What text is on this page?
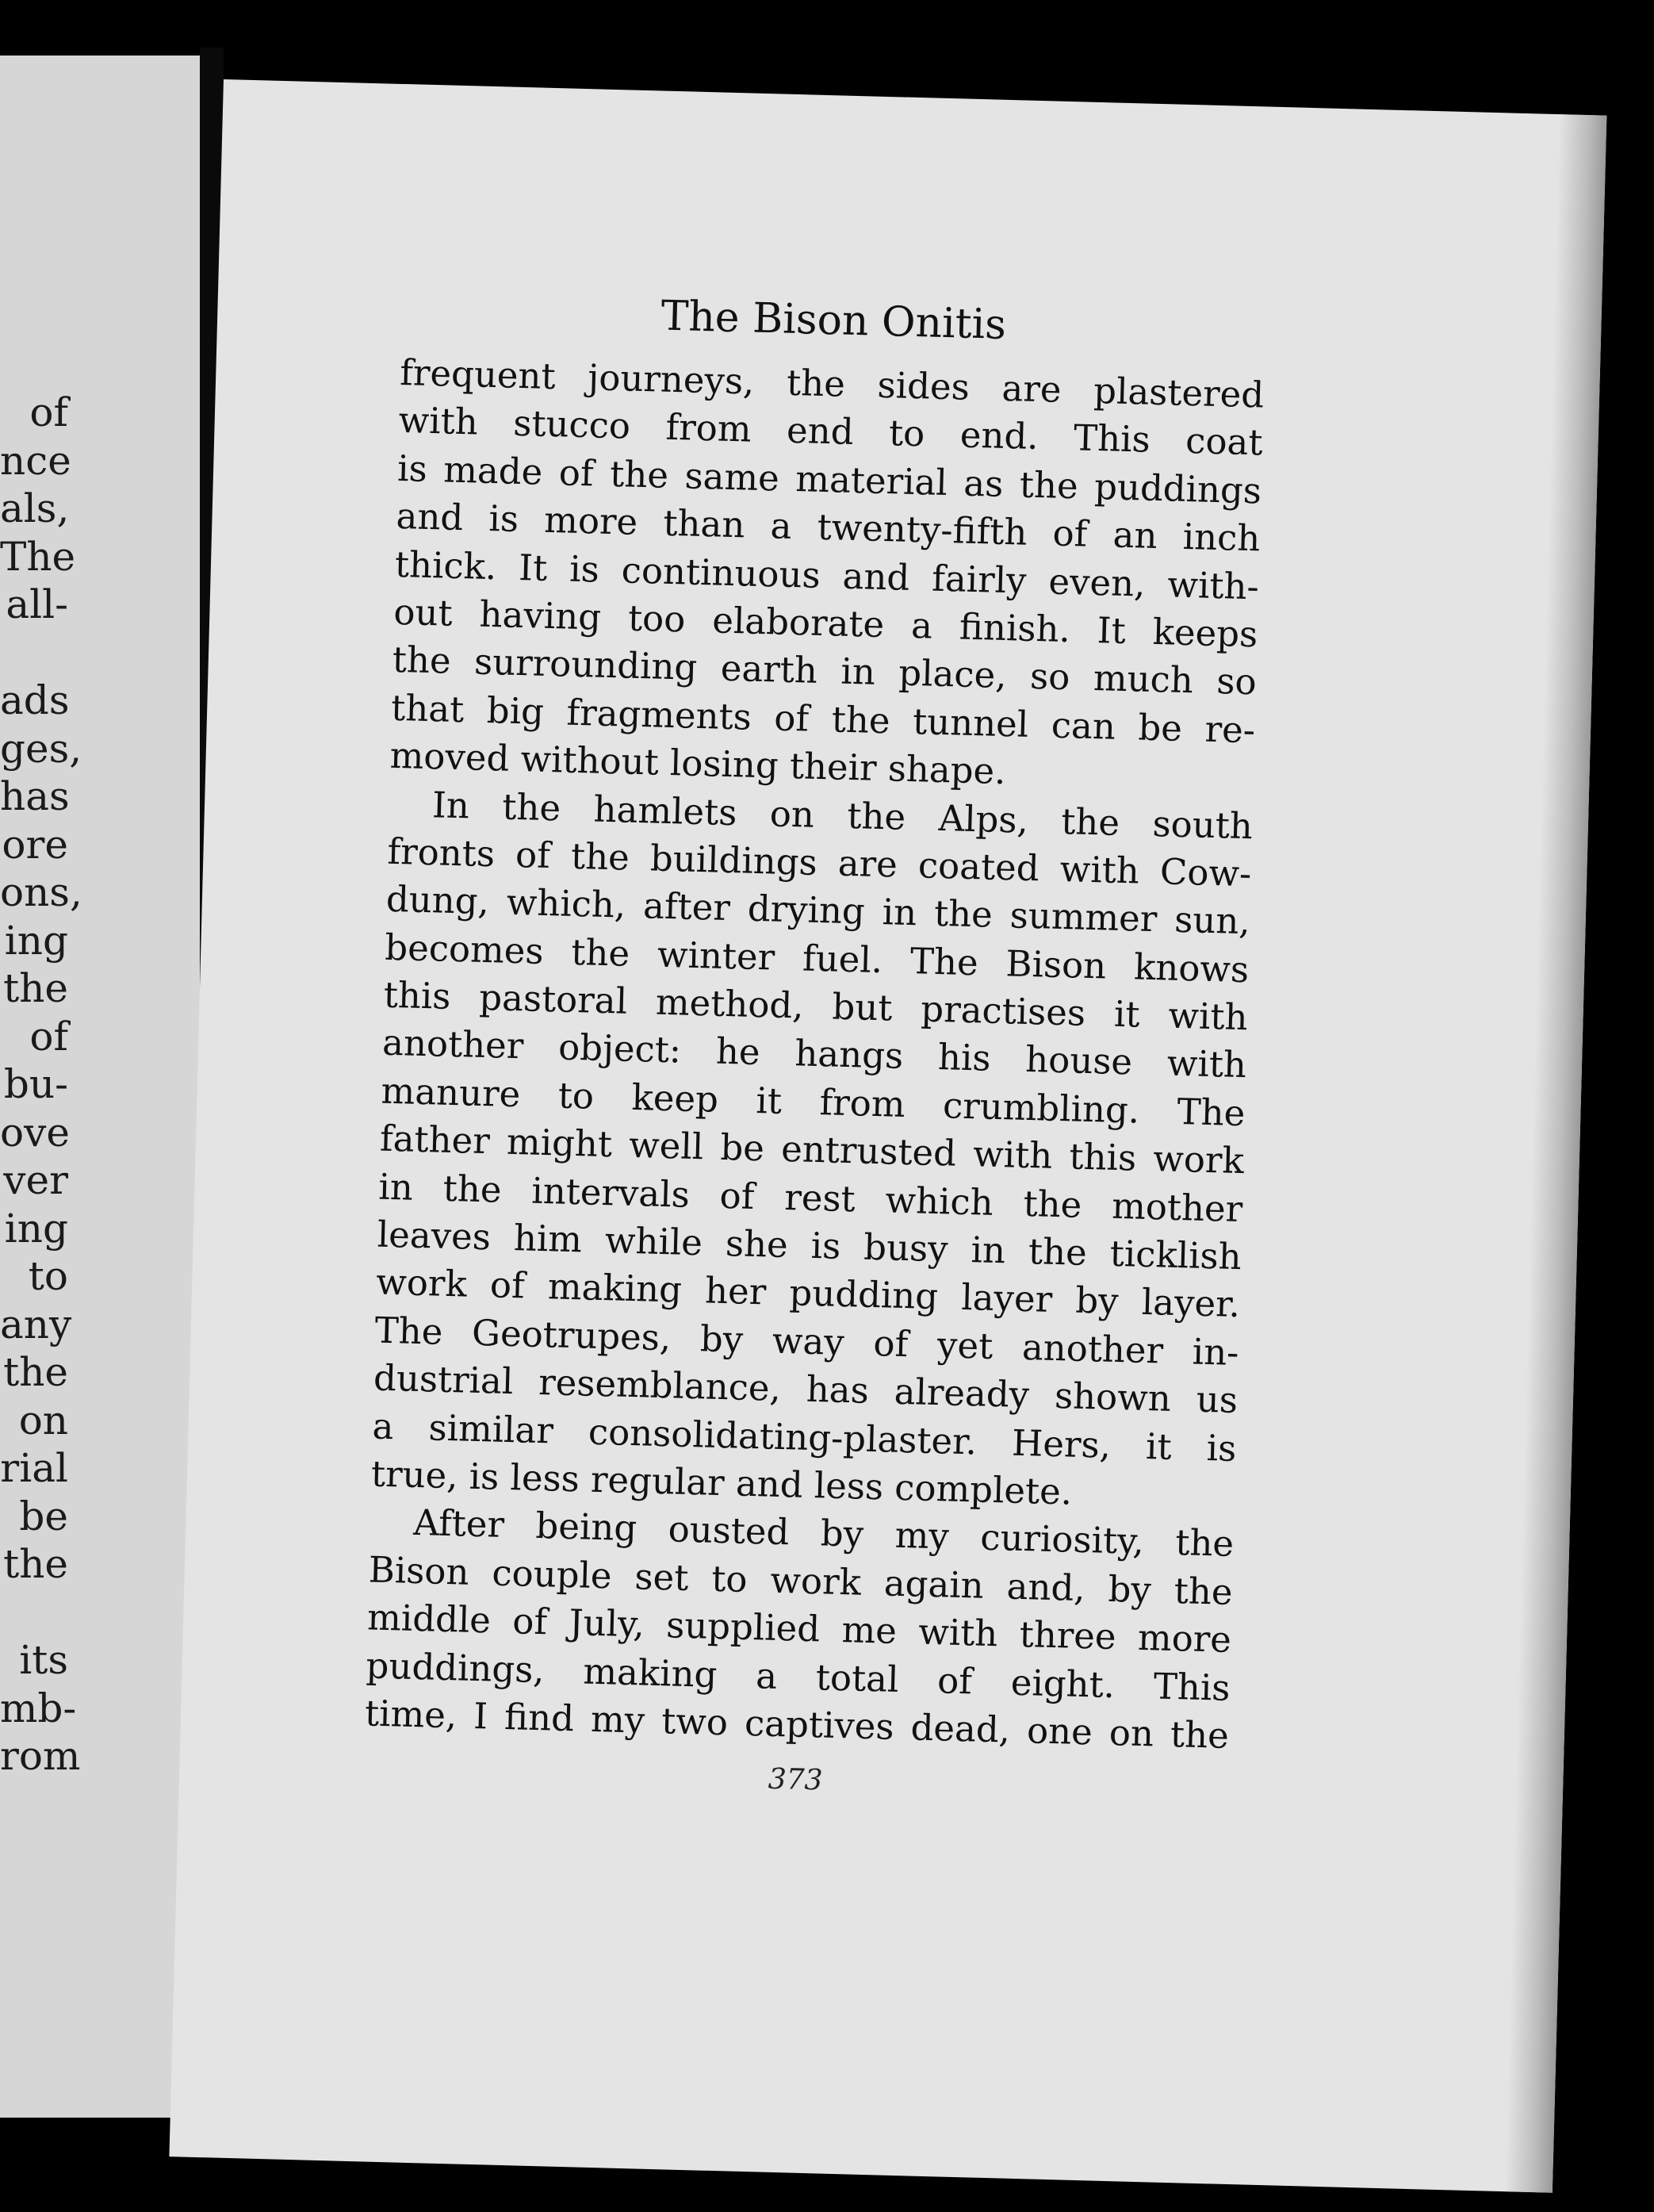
of
nce
als,
The
all-
ads
ges,
has
ore
ons,
ing
the
of
bu-
ove
ver
ing
to
any
the
on
rial
be
the
its
mb-
rom
The Bison Onitis
frequent journeys, the sides are plastered
with stucco from end to end. This coat
is made of the same material as the puddings
and is more than a twenty-fifth of an inch
thick. It is continuous and fairly even, with-
out having too elaborate a finish. It keeps
the surrounding earth in place, so much so
that big fragments of the tunnel can be re-
moved without losing their shape.
In the hamlets on the Alps, the south
fronts of the buildings are coated with Cow-
dung, which, after drying in the summer sun,
becomes the winter fuel. The Bison knows
this pastoral method, but practises it with
another object: he hangs his house with
manure to keep it from crumbling. The
father might well be entrusted with this work
in the intervals of rest which the mother
leaves him while she is busy in the ticklish
work of making her pudding layer by layer.
The Geotrupes, by way of yet another in-
dustrial resemblance, has already shown us
a similar consolidating-plaster. Hers, it is
true, is less regular and less complete.
After being ousted by my curiosity, the
Bison couple set to work again and, by the
middle of July, supplied me with three more
puddings, making a total of eight. This
time, I find my two captives dead, one on the
373
